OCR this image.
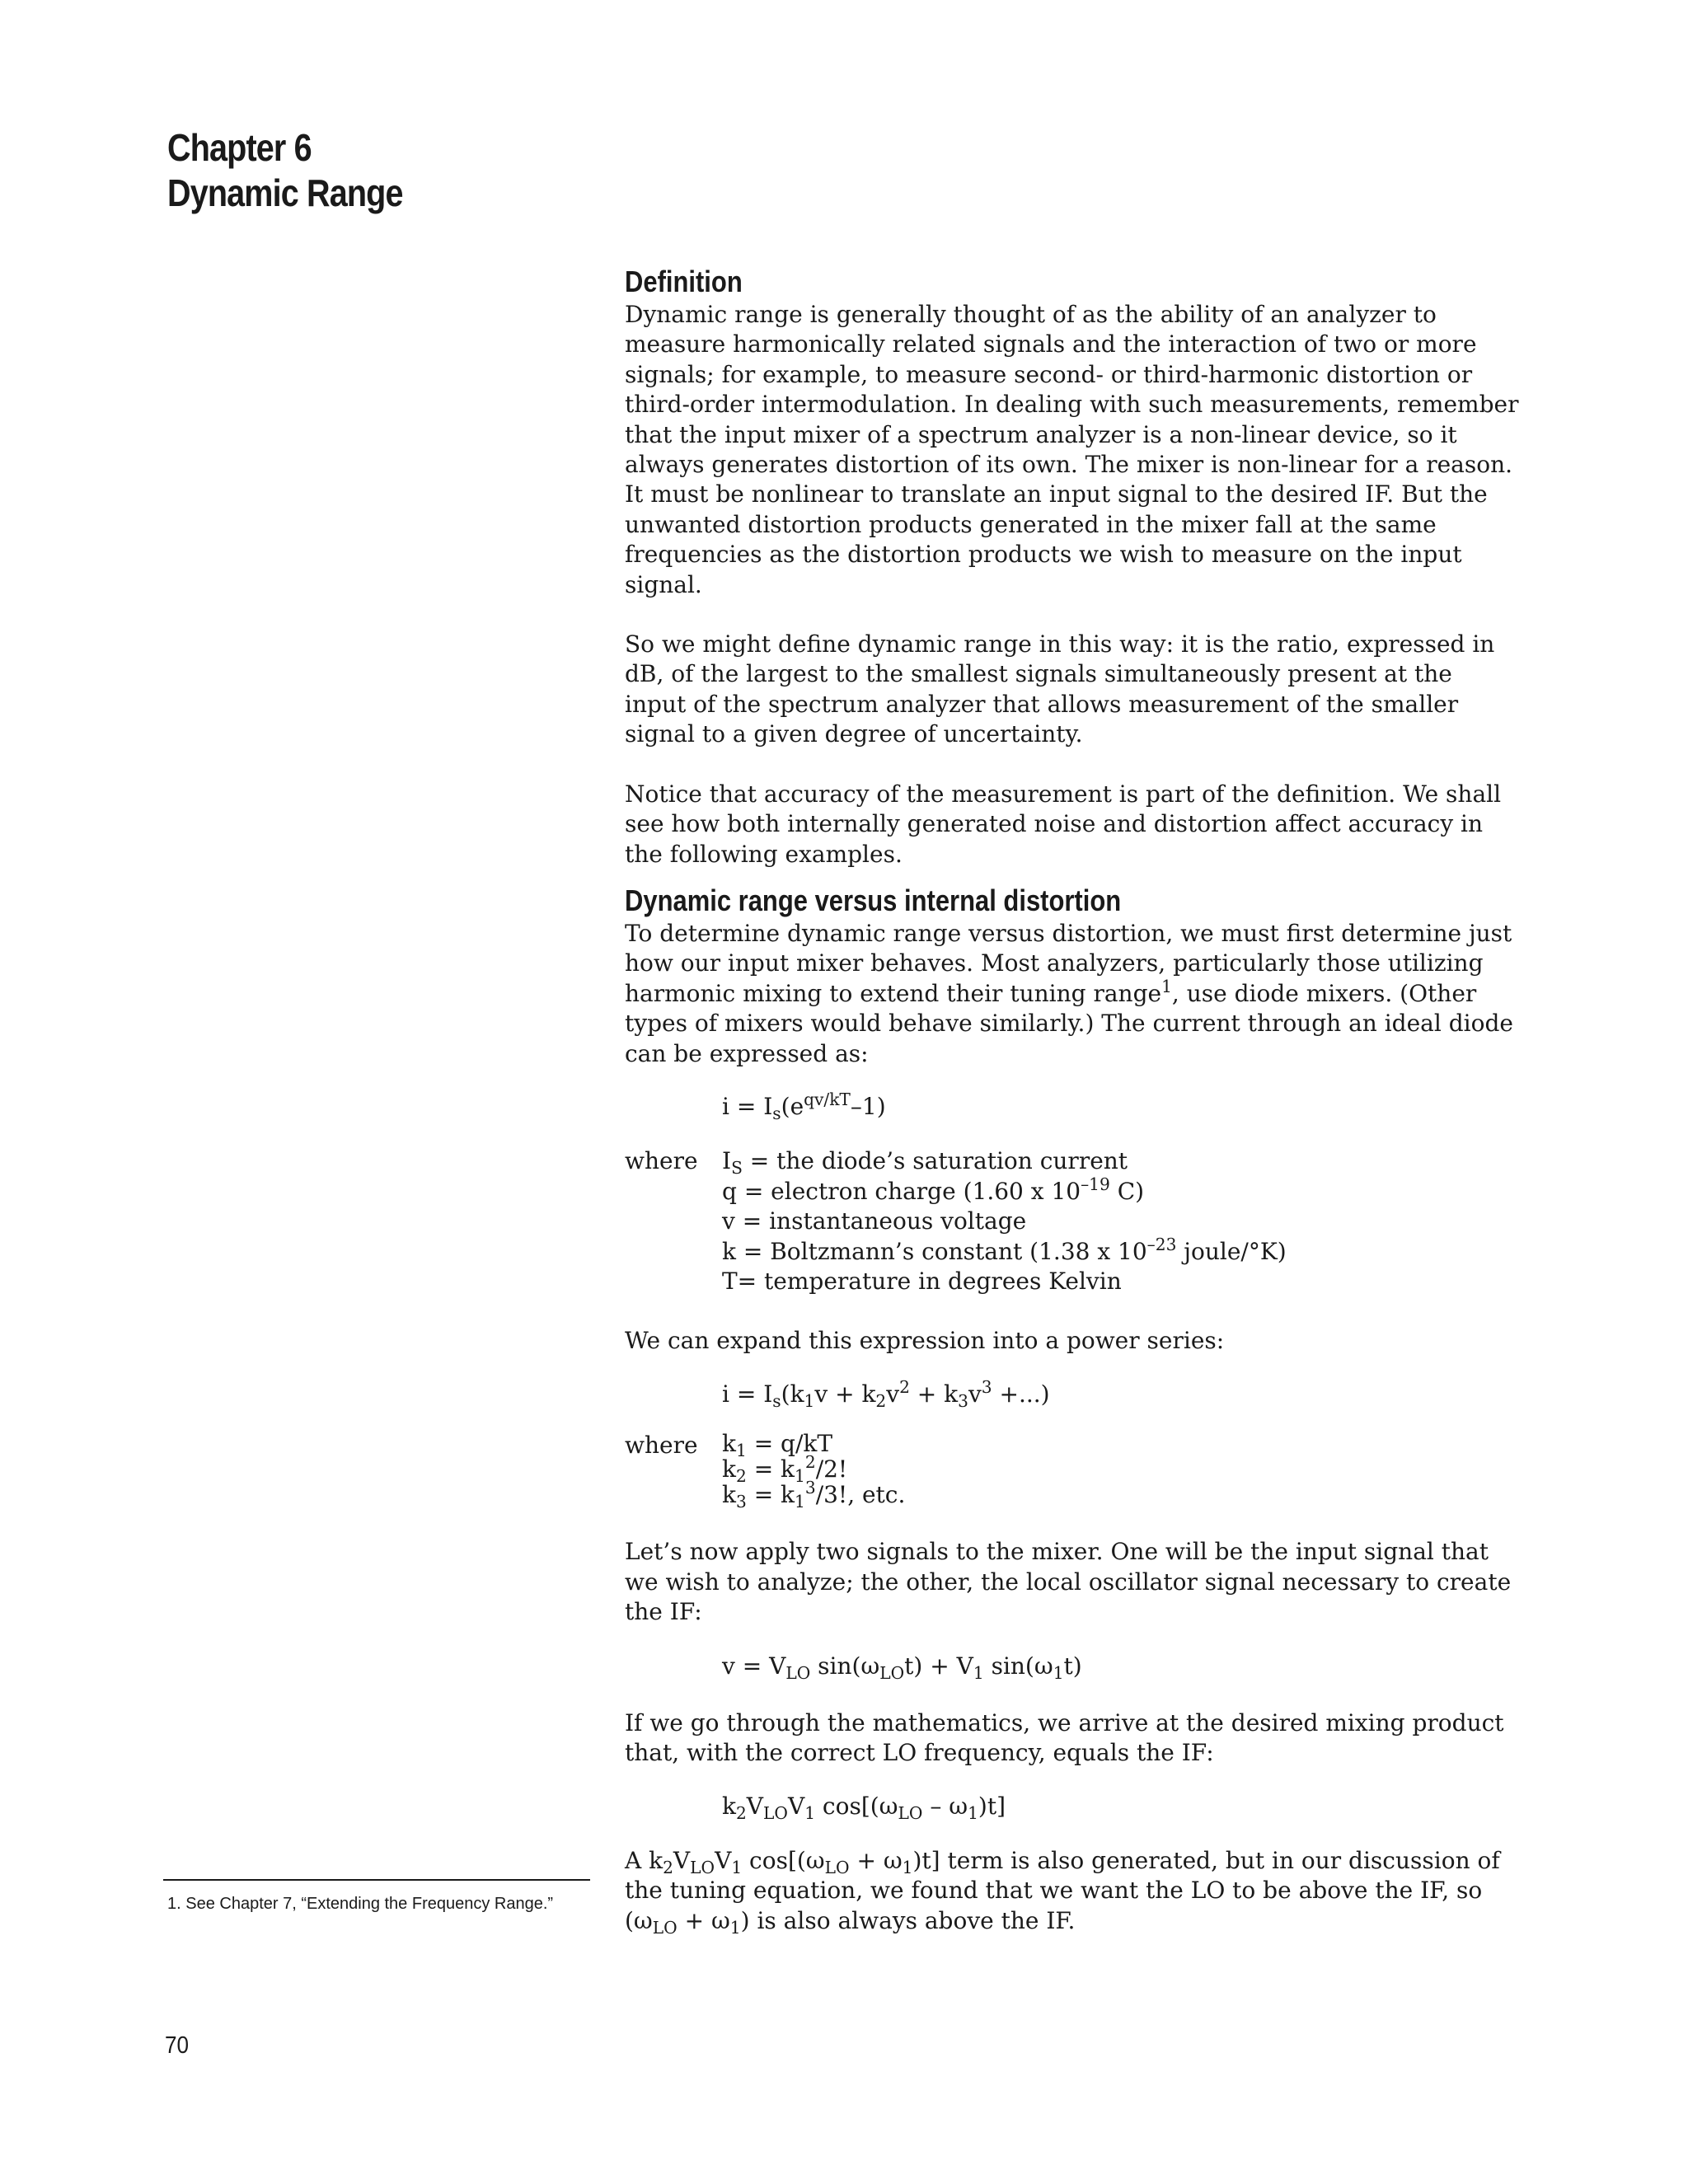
Chapter 6
Dynamic Range
Definition

Dynamic range is generally thought of as the ability of an analyzer to measure harmonically related signals and the interaction of two or more signals; for example, to measure second- or third-harmonic distortion or third-order intermodulation. In dealing with such measurements, remember that the input mixer of a spectrum analyzer is a non-linear device, so it always generates distortion of its own. The mixer is non-linear for a reason. It must be nonlinear to translate an input signal to the desired IF. But the unwanted distortion products generated in the mixer fall at the same frequencies as the distortion products we wish to measure on the input signal.

So we might define dynamic range in this way: it is the ratio, expressed in dB, of the largest to the smallest signals simultaneously present at the input of the spectrum analyzer that allows measurement of the smaller signal to a given degree of uncertainty.

Notice that accuracy of the measurement is part of the definition. We shall see how both internally generated noise and distortion affect accuracy in the following examples.

Dynamic range versus internal distortion

To determine dynamic range versus distortion, we must first determine just how our input mixer behaves. Most analyzers, particularly those utilizing harmonic mixing to extend their tuning range$^1$, use diode mixers. (Other types of mixers would behave similarly.) The current through an ideal diode can be expressed as:

$i = I_s(e^{qv/kT}-1)$
where	$I_S$ = the diode’s saturation current
q = electron charge (1.60 x $10^{-19}$ C)
v = instantaneous voltage
k = Boltzmann’s constant (1.38 x $10^{-23}$ joule/°K)
T= temperature in degrees Kelvin

We can expand this expression into a power series:

$i = I_s(k_1v + k_2v^2 + k_3v^3$ +...)
where	$k_1 = q/kT$
$k_2 = k_1^2/2$!
$k_3 = k_1^3/3$!, etc.

Let’s now apply two signals to the mixer. One will be the input signal that we wish to analyze; the other, the local oscillator signal necessary to create the IF:

$v = V_{LO}$ $\sin(\omega_{LO}t) + V_1$ $\sin(\omega_1t)$

If we go through the mathematics, we arrive at the desired mixing product that, with the correct LO frequency, equals the IF:

$k_2V_{LO}V_1$ $\cos[(\omega_{LO} - \omega_1)t]$

A $k_2V_{LO}V_1$ $\cos[(\omega_{LO} + \omega_1)t]$ term is also generated, but in our discussion of the tuning equation, we found that we want the LO to be above the IF, so $(\omega_{LO} + \omega_1)$ is also always above the IF.

1. See Chapter 7, “Extending the Frequency Range.”
70
